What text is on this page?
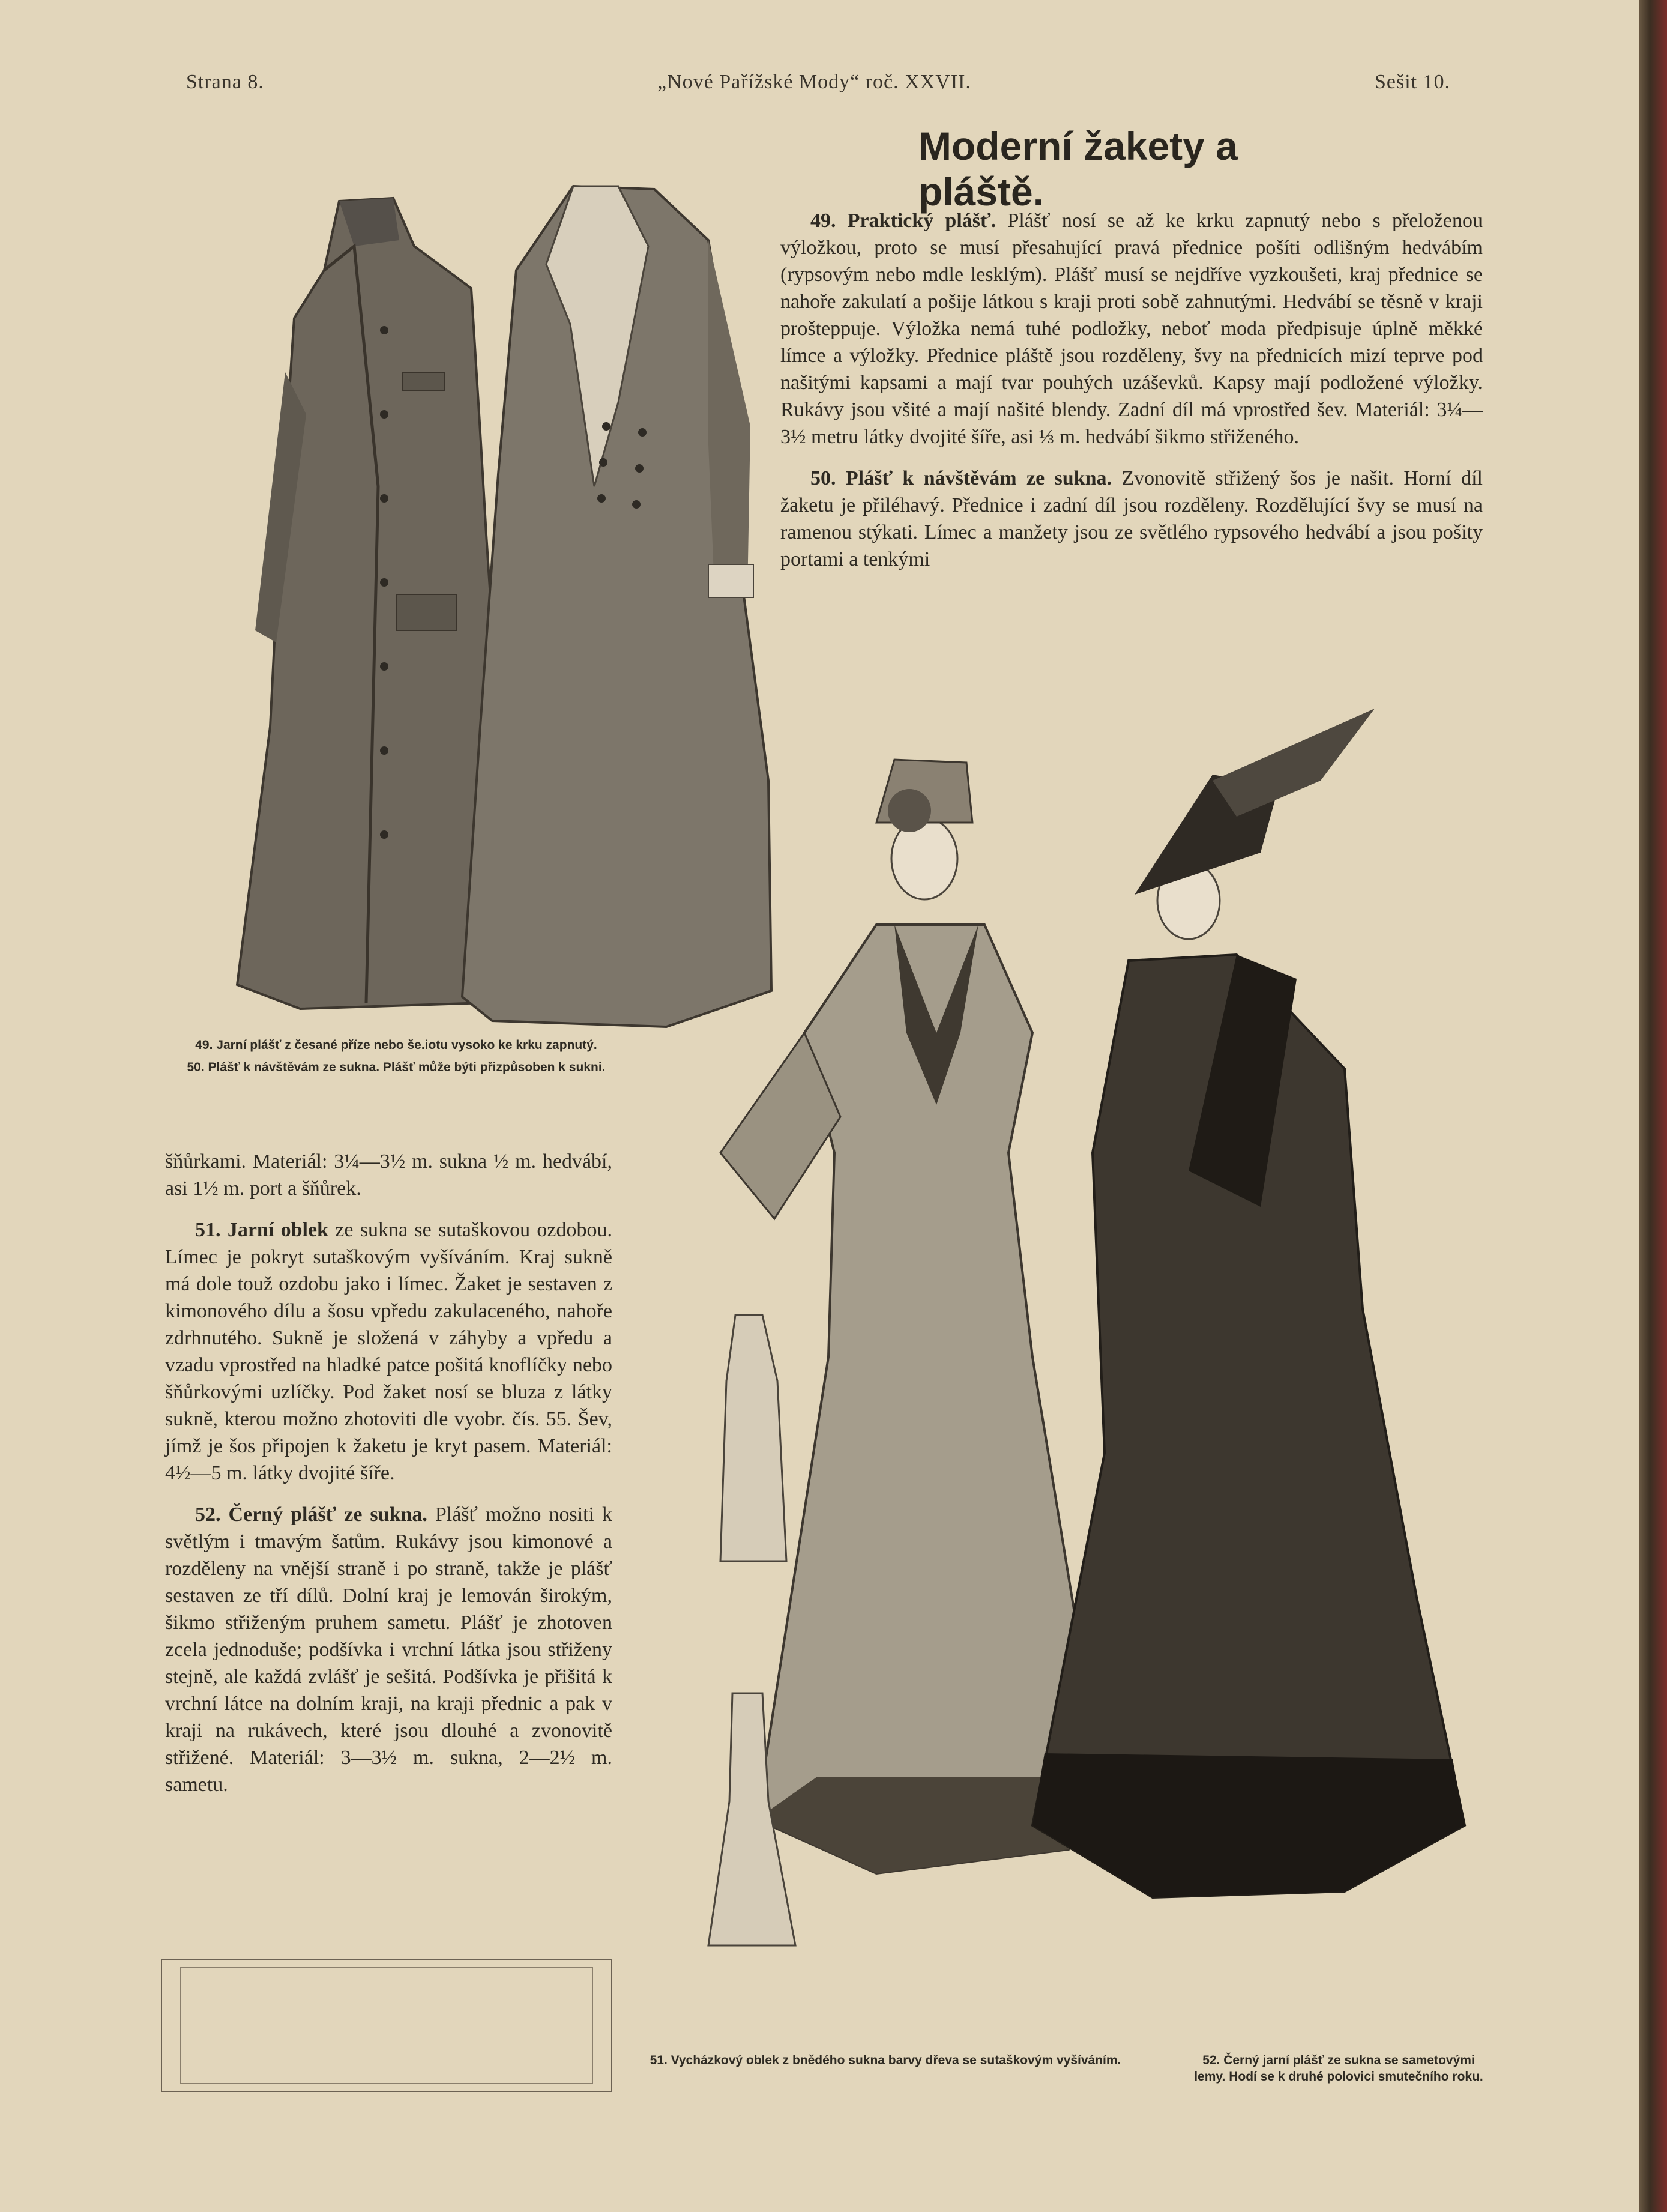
Strana 8.	„Nové Pařížské Mody“ roč. XXVII.	Sešit 10.
Moderní žakety a pláště.

49. Praktický plášť. Plášť nosí se až ke krku zapnutý nebo s přeloženou výložkou, proto se musí přesahující pravá přednice pošíti odlišným hedvábím (rypsovým nebo mdle lesklým). Plášť musí se nejdříve vyzkoušeti, kraj přednice se nahoře zakulatí a pošije látkou s kraji proti sobě zahnutými. Hedvábí se těsně v kraji prošteppuje. Výložka nemá tuhé podložky, neboť moda předpisuje úplně měkké límce a výložky. Přednice pláště jsou rozděleny, švy na přednicích mizí teprve pod našitými kapsami a mají tvar pouhých uzáševků. Kapsy mají podložené výložky. Rukávy jsou všité a mají našité blendy. Zadní díl má vprostřed šev. Materiál: 3¼—3½ metru látky dvojité šíře, asi ⅓ m. hedvábí šikmo střiženého.

50. Plášť k návštěvám ze sukna. Zvonovitě střižený šos je našit. Horní díl žaketu je přiléhavý. Přednice i zadní díl jsou rozděleny. Rozdělující švy se musí na ramenou stýkati. Límec a manžety jsou ze světlého rypsového hedvábí a jsou pošity portami a tenkými

49. Jarní plášť z česané příze nebo še.iotu vysoko ke krku zapnutý.

50. Plášť k návštěvám ze sukna. Plášť může býti přizpůsoben k sukni.

šňůrkami. Materiál: 3¼—3½ m. sukna ½ m. hedvábí, asi 1½ m. port a šňůrek.

51. Jarní oblek ze sukna se sutaškovou ozdobou. Límec je pokryt sutaškovým vyšíváním. Kraj sukně má dole touž ozdobu jako i límec. Žaket je sestaven z kimonového dílu a šosu vpředu zakulaceného, nahoře zdrhnutého. Sukně je složená v záhyby a vpředu a vzadu vprostřed na hladké patce pošitá knoflíčky nebo šňůrkovými uzlíčky. Pod žaket nosí se bluza z látky sukně, kterou možno zhotoviti dle vyobr. čís. 55. Šev, jímž je šos připojen k žaketu je kryt pasem. Materiál: 4½—5 m. látky dvojité šíře.

52. Černý plášť ze sukna. Plášť možno nositi k světlým i tmavým šatům. Rukávy jsou kimonové a rozděleny na vnější straně i po straně, takže je plášť sestaven ze tří dílů. Dolní kraj je lemován širokým, šikmo střiženým pruhem sametu. Plášť je zhotoven zcela jednoduše; podšívka i vrchní látka jsou střiženy stejně, ale každá zvlášť je sešitá. Podšívka je přišitá k vrchní látce na dolním kraji, na kraji přednic a pak v kraji na rukávech, které jsou dlouhé a zvonovitě střižené. Materiál: 3—3½ m. sukna, 2—2½ m. sametu.

51. Vycházkový oblek z bnědého sukna barvy dřeva se sutaškovým vyšíváním.	52. Černý jarní plášť ze sukna se sametovými lemy. Hodí se k druhé polovici smutečního roku.
